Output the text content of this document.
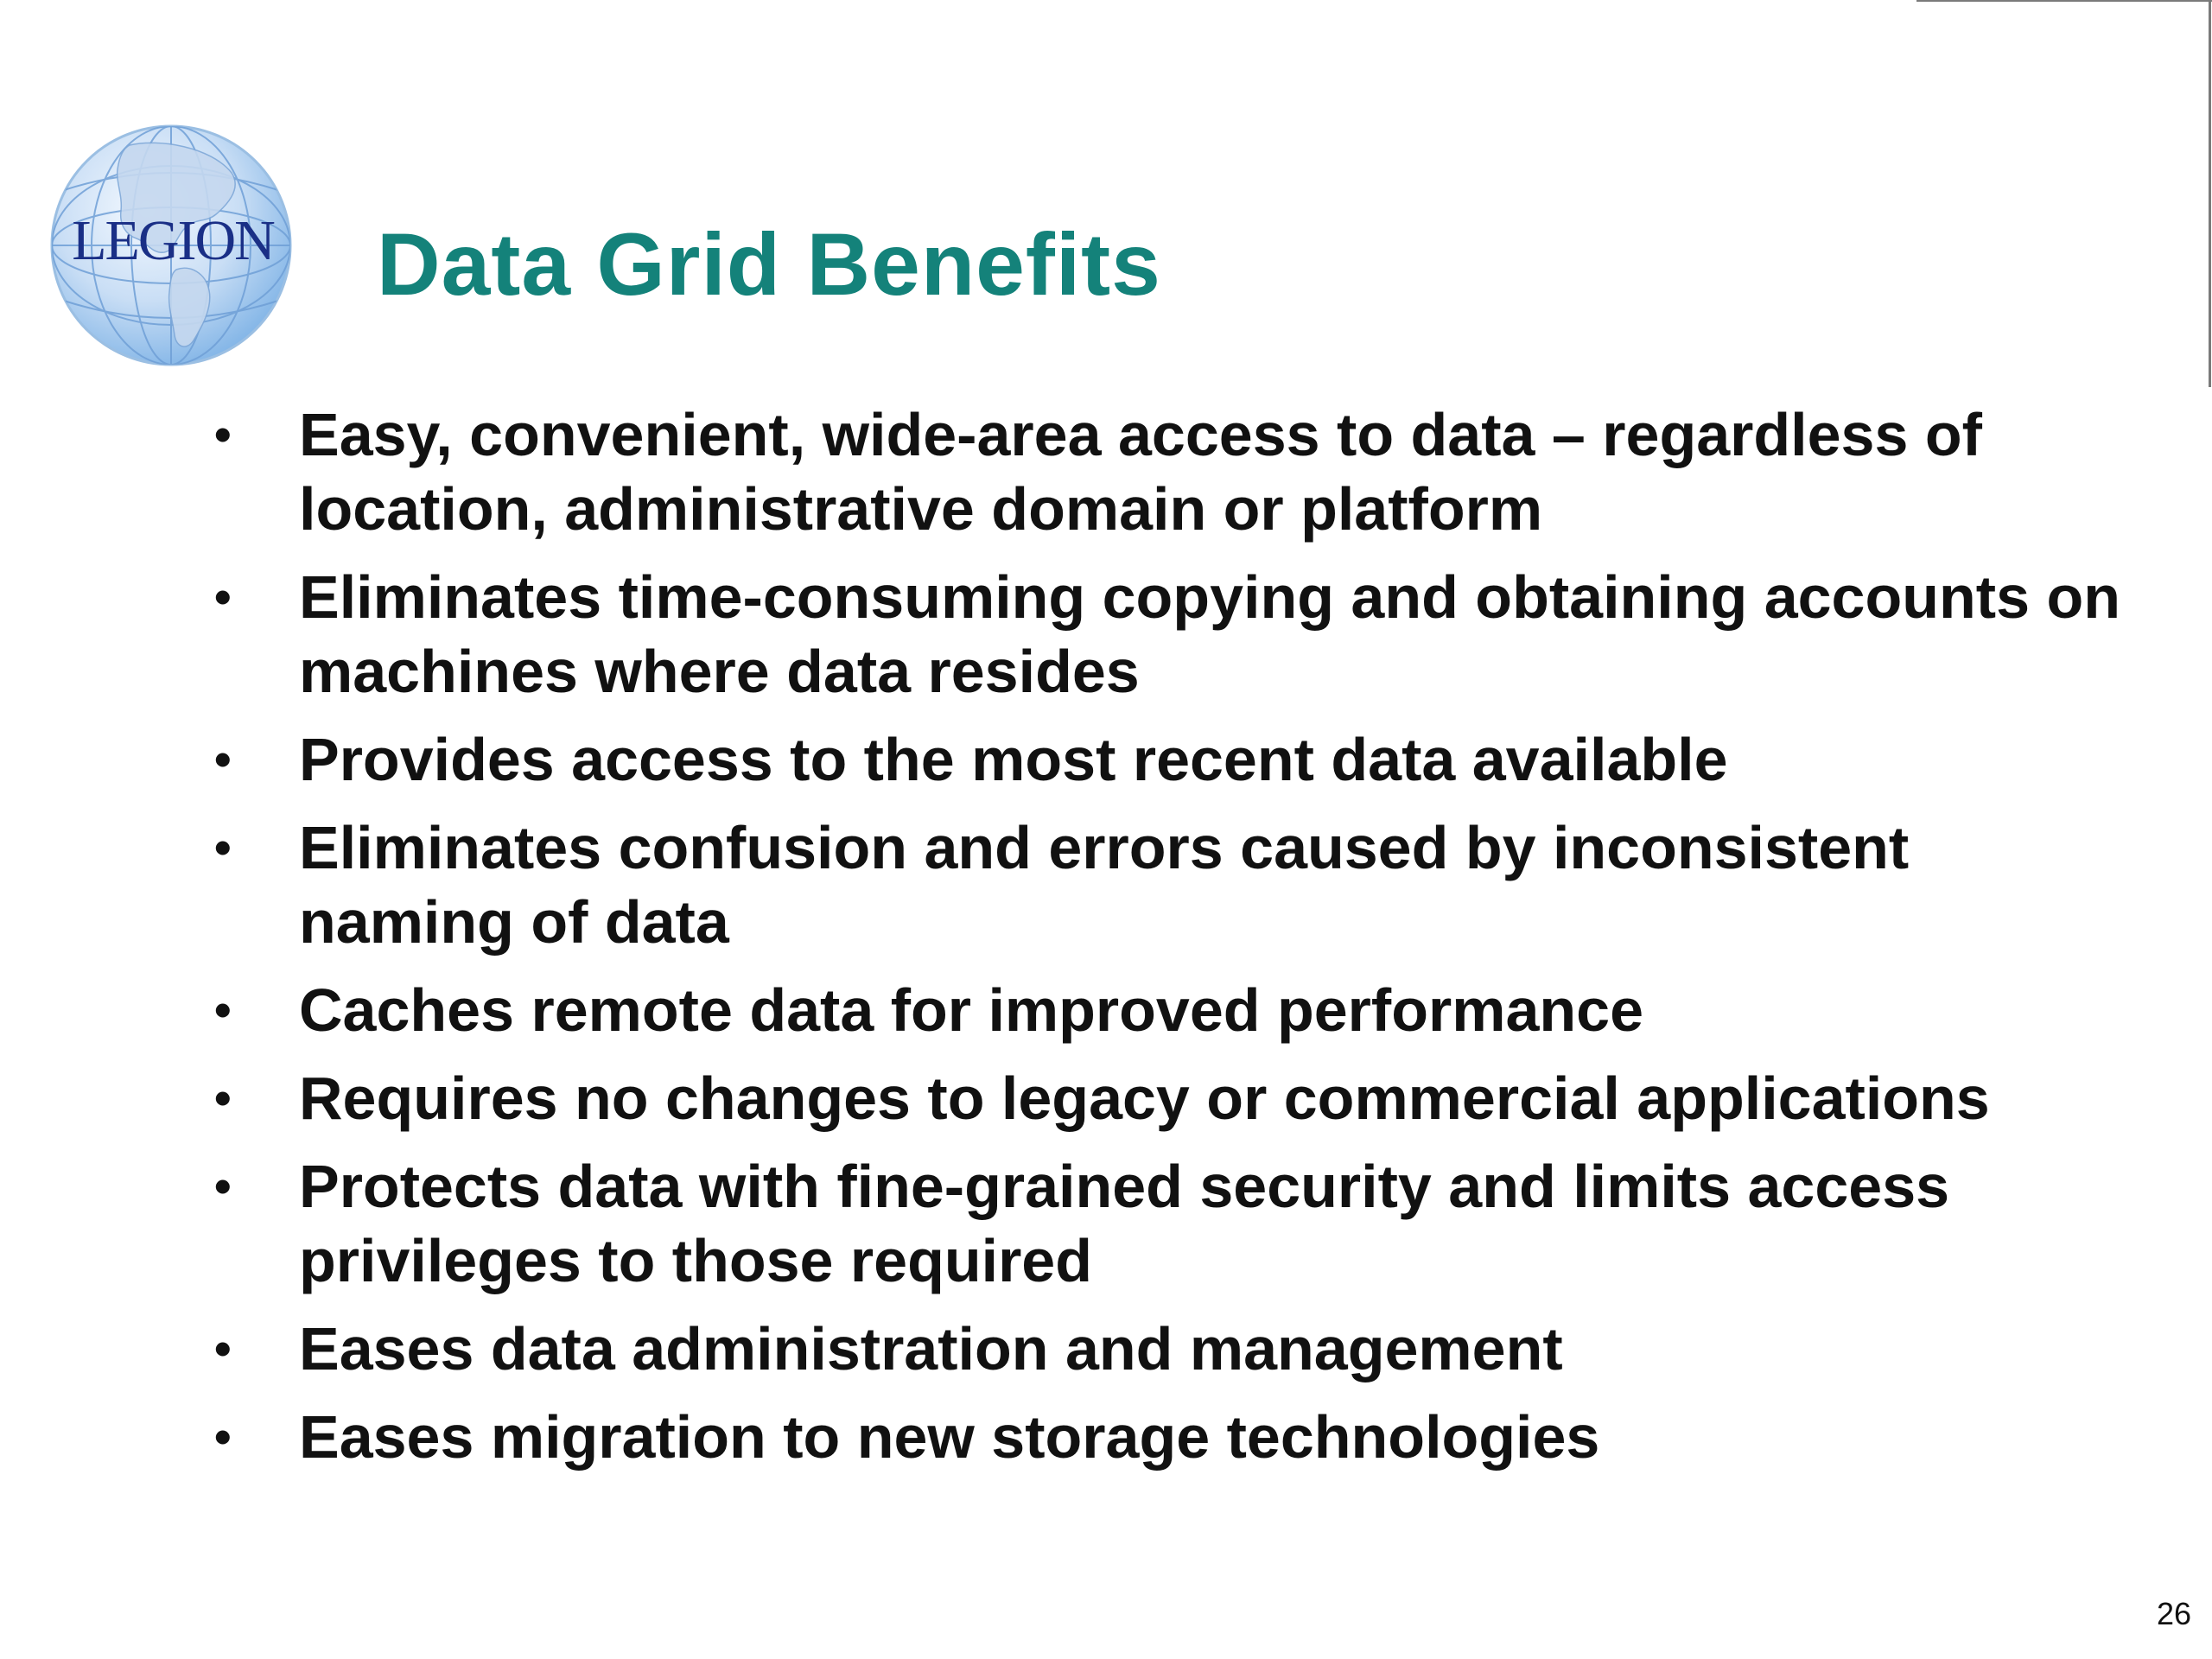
LEGION Data Grid Benefits
• Easy, convenient, wide-area access to data – regardless of location, administrative domain or platform
• Eliminates time-consuming copying and obtaining accounts on machines where data resides
• Provides access to the most recent data available
• Eliminates confusion and errors caused by inconsistent naming of data
• Caches remote data for improved performance
• Requires no changes to legacy or commercial applications
• Protects data with fine-grained security and limits access privileges to those required
• Eases data administration and management
• Eases migration to new storage technologies
26
